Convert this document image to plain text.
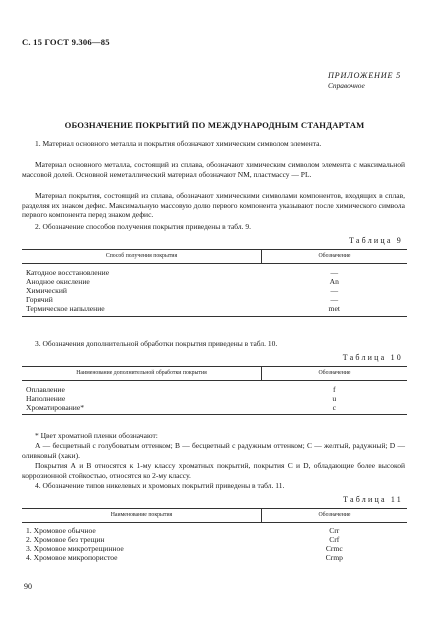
С. 15 ГОСТ 9.306—85
ПРИЛОЖЕНИЕ 5
Справочное
ОБОЗНАЧЕНИЕ ПОКРЫТИЙ ПО МЕЖДУНАРОДНЫМ СТАНДАРТАМ
1. Материал основного металла и покрытия обозначают химическим символом элемента.
Материал основного металла, состоящий из сплава, обозначают химическим символом элемента с максимальной массовой долей. Основной неметаллический материал обозначают NM, пластмассу — PL.
Материал покрытия, состоящий из сплава, обозначают химическими символами компонентов, входящих в сплав, разделяя их знаком дефис. Максимальную массовую долю первого компонента указывают после химического символа первого компонента перед знаком дефис.
2. Обозначение способов получения покрытия приведены в табл. 9.
Таблица 9
Способ получения покрытия	Обозначение

Катодное восстановление	—
Анодное окисление	An
Химический	—
Горячий	—
Термическое напыление	met
3. Обозначения дополнительной обработки покрытия приведены в табл. 10.
Таблица 10
Наименование дополнительной обработки покрытия	Обозначение

Оплавление	f
Наполнение	u
Хроматирование*	c
* Цвет хроматной пленки обозначают:
А — бесцветный с голубоватым оттенком; В — бесцветный с радужным оттенком; С — желтый, радужный; D — оливковый (хаки).
Покрытия А и В относятся к 1-му классу хроматных покрытий, покрытия С и D, обладающие более высокой коррозионной стойкостью, относятся ко 2-му классу.
4. Обозначение типов никелевых и хромовых покрытий приведены в табл. 11.
Таблица 11
Наименование покрытия	Обозначение

1. Хромовое обычное	Crr
2. Хромовое без трещин	Crf
3. Хромовое микротрещинное	Crmc
4. Хромовое микропористое	Crmp
90
